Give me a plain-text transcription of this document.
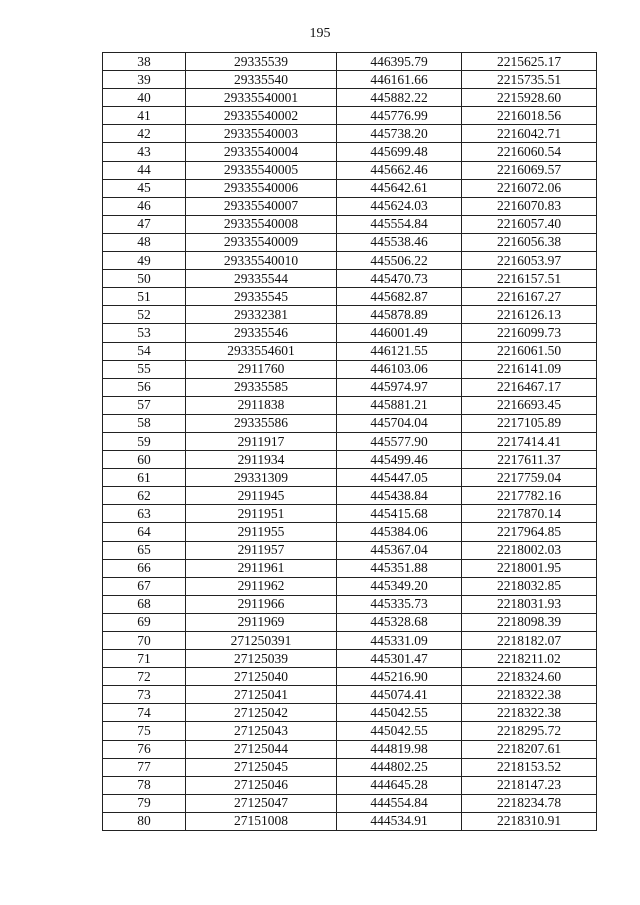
195
38	29335539	446395.79	2215625.17
39	29335540	446161.66	2215735.51
40	29335540001	445882.22	2215928.60
41	29335540002	445776.99	2216018.56
42	29335540003	445738.20	2216042.71
43	29335540004	445699.48	2216060.54
44	29335540005	445662.46	2216069.57
45	29335540006	445642.61	2216072.06
46	29335540007	445624.03	2216070.83
47	29335540008	445554.84	2216057.40
48	29335540009	445538.46	2216056.38
49	29335540010	445506.22	2216053.97
50	29335544	445470.73	2216157.51
51	29335545	445682.87	2216167.27
52	29332381	445878.89	2216126.13
53	29335546	446001.49	2216099.73
54	2933554601	446121.55	2216061.50
55	2911760	446103.06	2216141.09
56	29335585	445974.97	2216467.17
57	2911838	445881.21	2216693.45
58	29335586	445704.04	2217105.89
59	2911917	445577.90	2217414.41
60	2911934	445499.46	2217611.37
61	29331309	445447.05	2217759.04
62	2911945	445438.84	2217782.16
63	2911951	445415.68	2217870.14
64	2911955	445384.06	2217964.85
65	2911957	445367.04	2218002.03
66	2911961	445351.88	2218001.95
67	2911962	445349.20	2218032.85
68	2911966	445335.73	2218031.93
69	2911969	445328.68	2218098.39
70	271250391	445331.09	2218182.07
71	27125039	445301.47	2218211.02
72	27125040	445216.90	2218324.60
73	27125041	445074.41	2218322.38
74	27125042	445042.55	2218322.38
75	27125043	445042.55	2218295.72
76	27125044	444819.98	2218207.61
77	27125045	444802.25	2218153.52
78	27125046	444645.28	2218147.23
79	27125047	444554.84	2218234.78
80	27151008	444534.91	2218310.91
